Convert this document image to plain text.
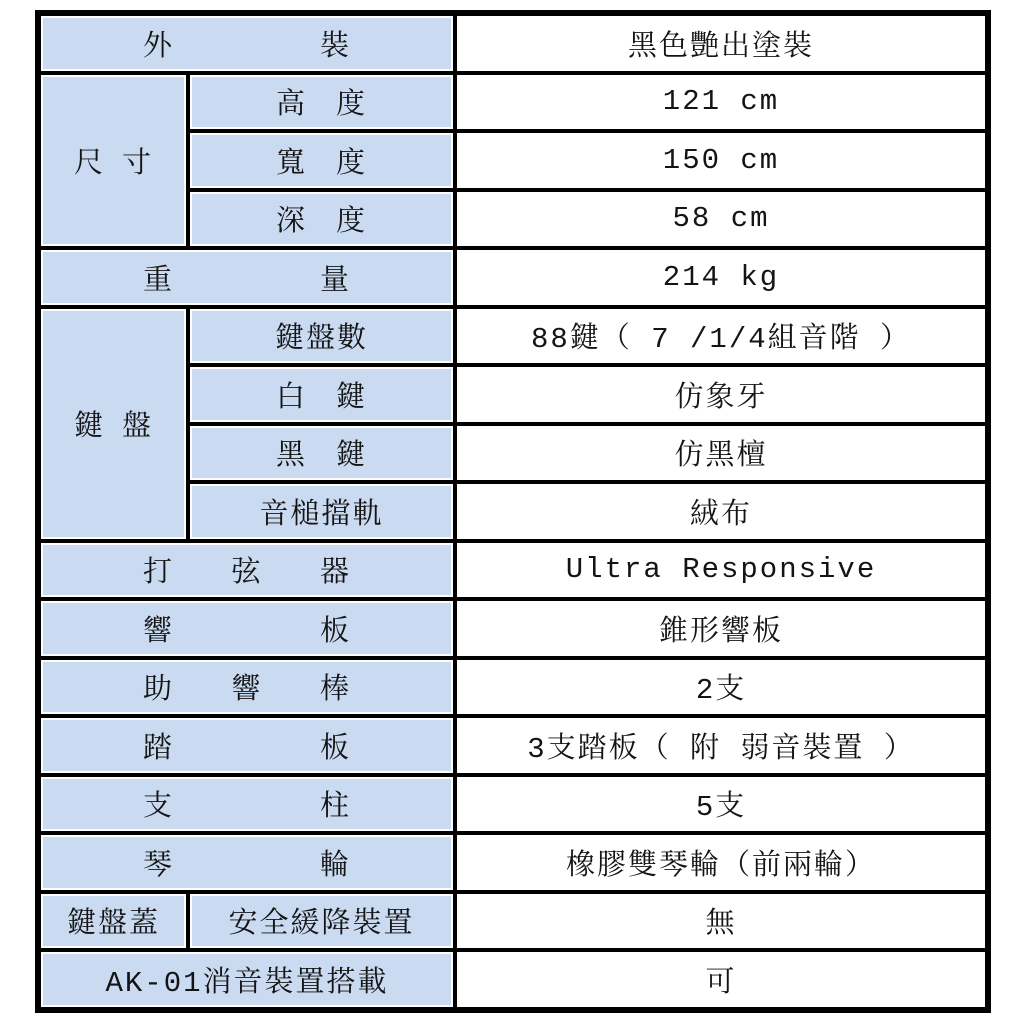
外裝		黑色艷出塗裝
尺寸	高度	121 cm
	寬度	150 cm
	深度	58 cm
重量		214 kg
鍵盤	鍵盤數	88鍵（ 7 /1/4組音階 ）
	白鍵	仿象牙
	黑鍵	仿黑檀
	音槌擋軌	絨布
打弦器		Ultra Responsive
響板		錐形響板
助響棒		2支
踏板		3支踏板（ 附 弱音裝置 ）
支柱		5支
琴輪		橡膠雙琴輪（前兩輪）
鍵盤蓋	安全緩降裝置	無
AK-01消音裝置搭載		可
